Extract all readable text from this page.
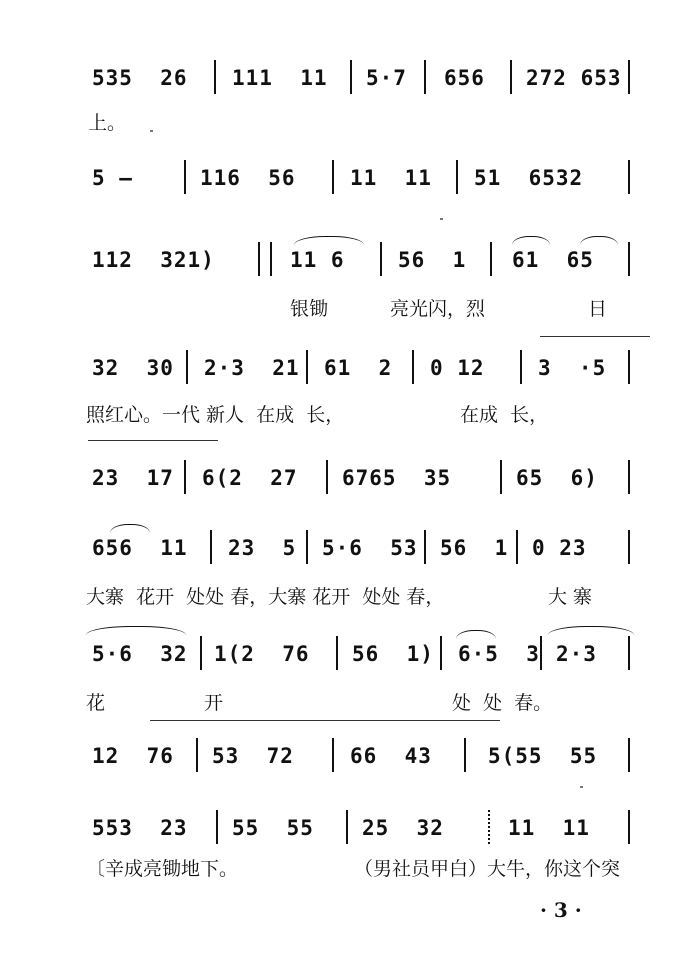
535  26 111  11 5·7 656 272 653
上。
5 —	116  56	11  11 51  6532
112  321)	11 6	56  1 61  65
银锄	亮光闪，烈	日
32  30 2·3  21 61  2 0 12	3  ·5
照红心。一代 新人  在成  长，	在成  长，
23  17 6(2  27 6765  35	65  6)
656  11 23  5 5·6  53 56  1 0 23
大寨  花开  处处 春，大寨 花开  处处 春，	大 寨
5·6  32 1(2  76 56  1) 6·5  3 2·3
花	开	处  处  春。
12  76 53  72	66  43	5(55  55
553  23 55  55 25  32	11  11
〔辛成亮锄地下。	（男社员甲白）大牛，你这个突
· 3 ·
